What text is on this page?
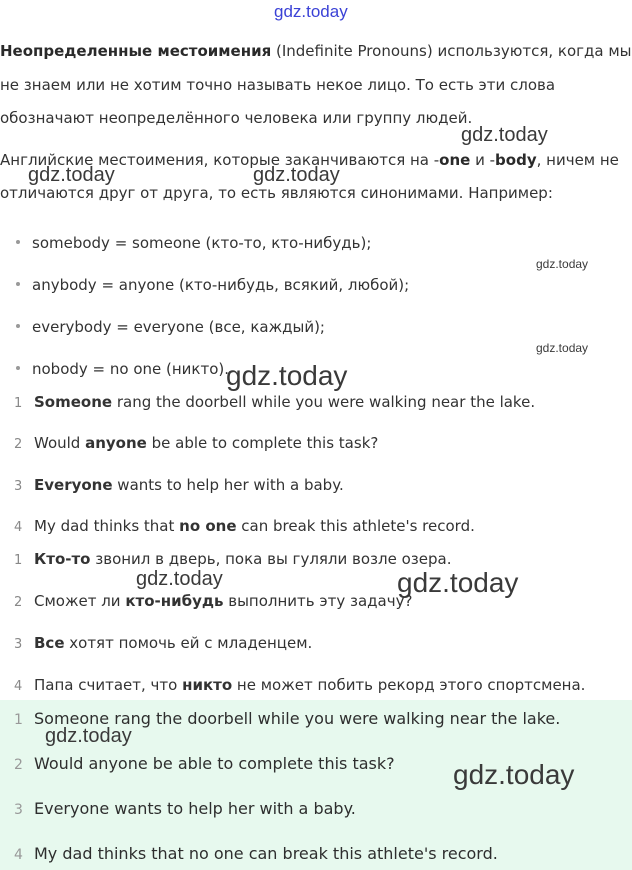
gdz.today
Неопределенные местоимения (Indefinite Pronouns) используются, когда мы
не знаем или не хотим точно называть некое лицо. То есть эти слова
обозначают неопределённого человека или группу людей.
gdz.today
Английские местоимения, которые заканчиваются на -one и -body, ничем не
gdz.today	gdz.today
отличаются друг от друга, то есть являются синонимами. Например:
somebody = someone (кто-то, кто-нибудь);
gdz.today
anybody = anyone (кто-нибудь, всякий, любой);
everybody = everyone (все, каждый);
gdz.today
nobody = no one (никто).
gdz.today
1 Someone rang the doorbell while you were walking near the lake.
2 Would anyone be able to complete this task?
3 Everyone wants to help her with a baby.
4 My dad thinks that no one can break this athlete's record.
1 Кто-то звонил в дверь, пока вы гуляли возле озера.
gdz.today	gdz.today
2 Сможет ли кто-нибудь выполнить эту задачу?
3 Все хотят помочь ей с младенцем.
4 Папа считает, что никто не может побить рекорд этого спортсмена.
1 Someone rang the doorbell while you were walking near the lake.
gdz.today
2 Would anyone be able to complete this task? gdz.today
3 Everyone wants to help her with a baby.
4 My dad thinks that no one can break this athlete's record.
